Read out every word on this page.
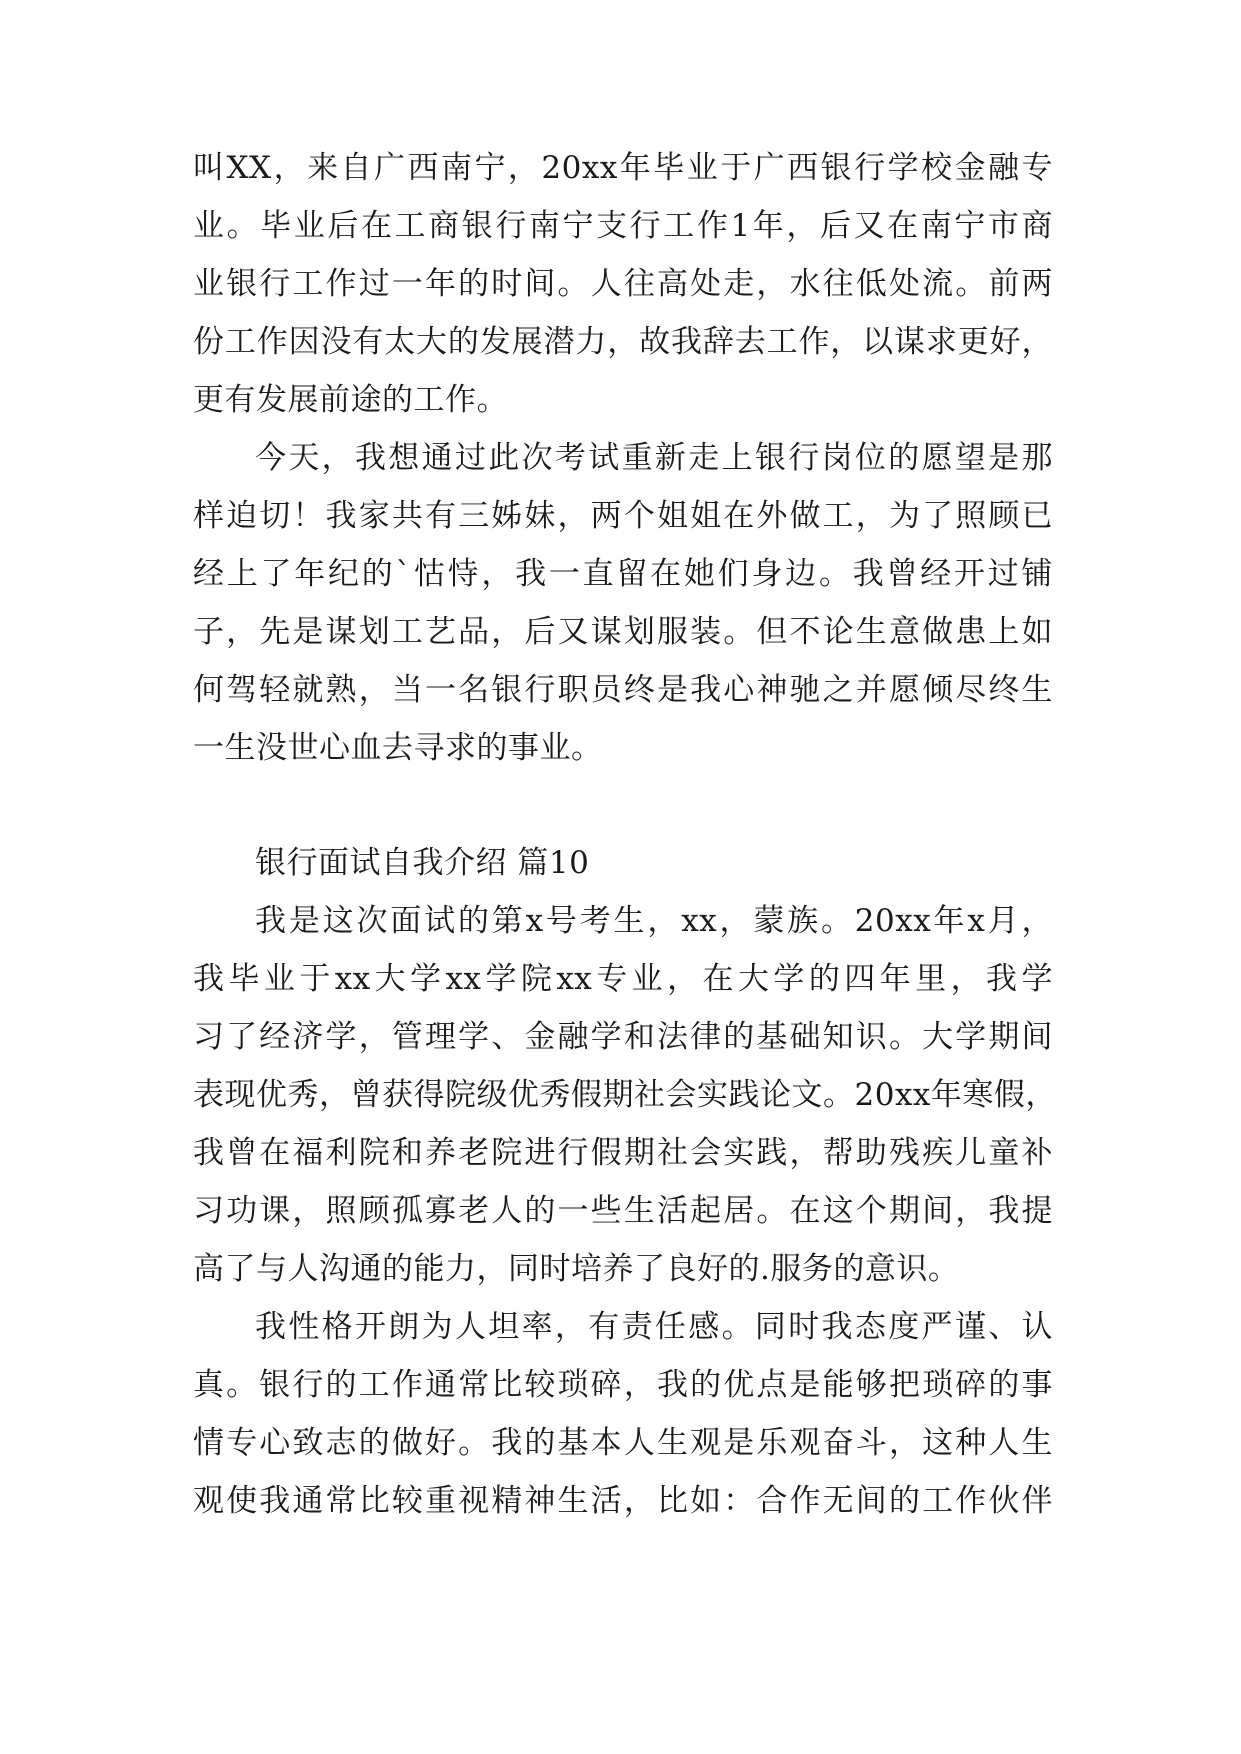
叫XX，来自广西南宁，20xx年毕业于广西银行学校金融专
业。毕业后在工商银行南宁支行工作1年，后又在南宁市商
业银行工作过一年的时间。人往高处走，水往低处流。前两
份工作因没有太大的发展潜力，故我辞去工作，以谋求更好，
更有发展前途的工作。
今天，我想通过此次考试重新走上银行岗位的愿望是那
样迫切！我家共有三姊妹，两个姐姐在外做工，为了照顾已
经上了年纪的`怙恃，我一直留在她们身边。我曾经开过铺
子，先是谋划工艺品，后又谋划服装。但不论生意做患上如
何驾轻就熟，当一名银行职员终是我心神驰之并愿倾尽终生
一生没世心血去寻求的事业。
银行面试自我介绍 篇10
我是这次面试的第x号考生，xx，蒙族。20xx年x月，
我毕业于xx大学xx学院xx专业，在大学的四年里，我学
习了经济学，管理学、金融学和法律的基础知识。大学期间
表现优秀，曾获得院级优秀假期社会实践论文。20xx年寒假，
我曾在福利院和养老院进行假期社会实践，帮助残疾儿童补
习功课，照顾孤寡老人的一些生活起居。在这个期间，我提
高了与人沟通的能力，同时培养了良好的.服务的意识。
我性格开朗为人坦率，有责任感。同时我态度严谨、认
真。银行的工作通常比较琐碎，我的优点是能够把琐碎的事
情专心致志的做好。我的基本人生观是乐观奋斗，这种人生
观使我通常比较重视精神生活，比如：合作无间的工作伙伴
